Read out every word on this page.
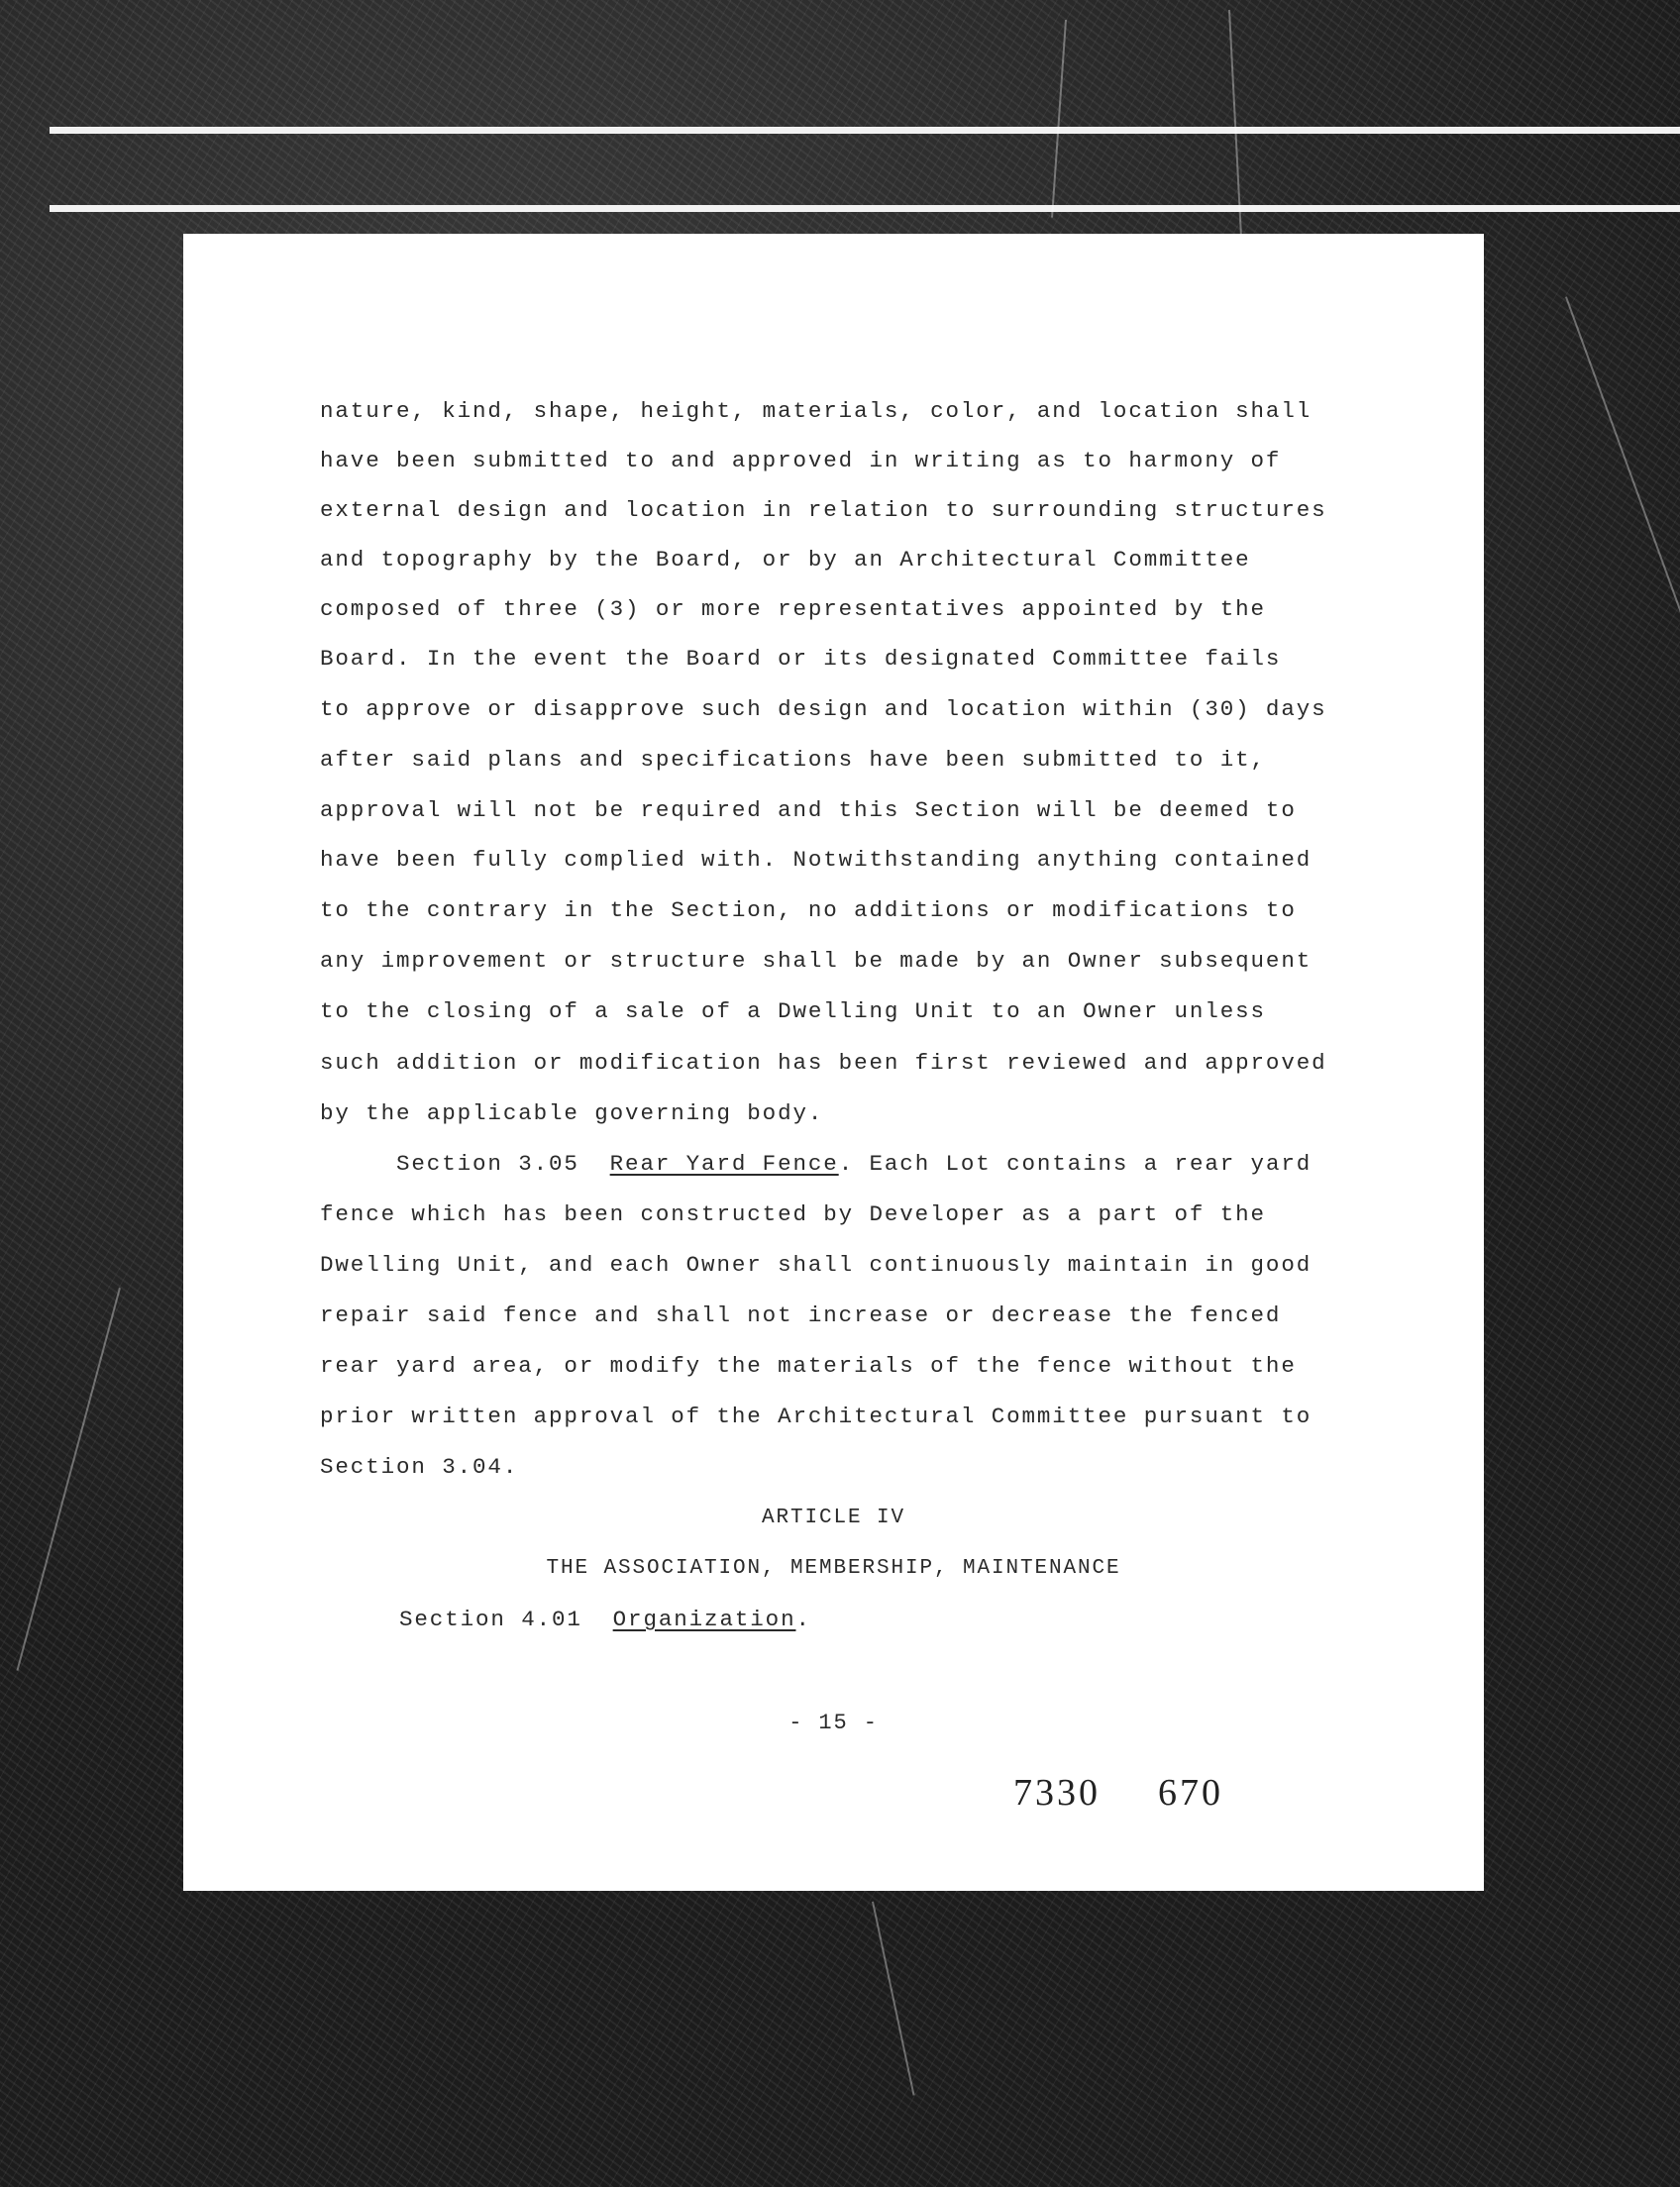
nature, kind, shape, height, materials, color, and location shall
have been submitted to and approved in writing as to harmony of
external design and location in relation to surrounding structures
and topography by the Board, or by an Architectural Committee
composed of three (3) or more representatives appointed by the
Board. In the event the Board or its designated Committee fails
to approve or disapprove such design and location within (30) days
after said plans and specifications have been submitted to it,
approval will not be required and this Section will be deemed to
have been fully complied with. Notwithstanding anything contained
to the contrary in the Section, no additions or modifications to
any improvement or structure shall be made by an Owner subsequent
to the closing of a sale of a Dwelling Unit to an Owner unless
such addition or modification has been first reviewed and approved
by the applicable governing body.
Section 3.05 Rear Yard Fence. Each Lot contains a rear yard
fence which has been constructed by Developer as a part of the
Dwelling Unit, and each Owner shall continuously maintain in good
repair said fence and shall not increase or decrease the fenced
rear yard area, or modify the materials of the fence without the
prior written approval of the Architectural Committee pursuant to
Section 3.04.
ARTICLE IV
THE ASSOCIATION, MEMBERSHIP, MAINTENANCE
Section 4.01 Organization.
- 15 -
7330 670
